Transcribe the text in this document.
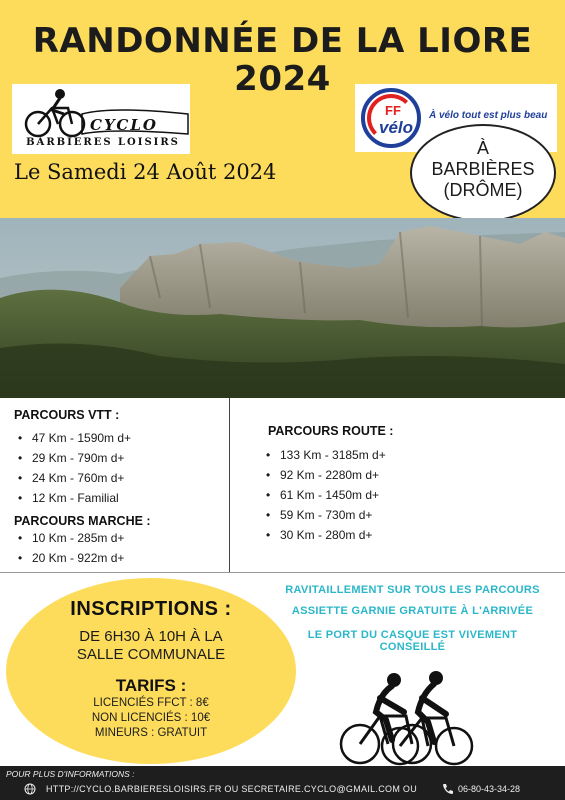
RANDONNÉE DE LA LIORE
2024
CYCLO
BARBIERES LOISIRS
FF
vélo
À vélo tout est plus beau
Le Samedi 24 Août 2024
À
BARBIÈRES
(DRÔME)
PARCOURS VTT :
• 47 Km - 1590m d+
• 29 Km - 790m d+
• 24 Km - 760m d+
• 12 Km - Familial
PARCOURS MARCHE :
• 10 Km - 285m d+
• 20 Km - 922m d+
PARCOURS ROUTE :
• 133 Km - 3185m d+
• 92 Km - 2280m d+
• 61 Km - 1450m d+
• 59 Km - 730m d+
• 30 Km - 280m d+
INSCRIPTIONS :
DE 6H30 À 10H À LA
SALLE COMMUNALE
TARIFS :
LICENCIÉS FFCT : 8€
NON LICENCIÉS : 10€
MINEURS : GRATUIT
RAVITAILLEMENT SUR TOUS LES PARCOURS
ASSIETTE GARNIE GRATUITE À L'ARRIVÉE
LE PORT DU CASQUE EST VIVEMENT
CONSEILLÉ
POUR PLUS D'INFORMATIONS :
HTTP://CYCLO.BARBIERESLOISIRS.FR OU SECRETAIRE.CYCLO@GMAIL.COM OU	06-80-43-34-28
